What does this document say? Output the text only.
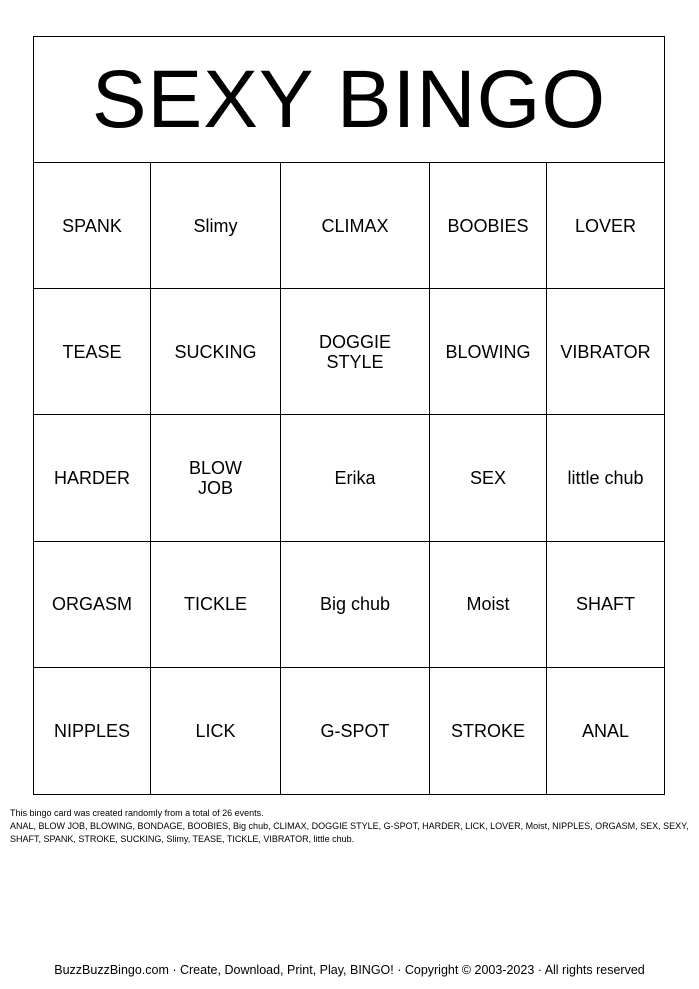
SEXY BINGO
SPANK	Slimy	CLIMAX	BOOBIES	LOVER
TEASE	SUCKING	DOGGIE STYLE	BLOWING	VIBRATOR
HARDER	BLOW JOB	Erika	SEX	little chub
ORGASM	TICKLE	Big chub	Moist	SHAFT
NIPPLES	LICK	G-SPOT	STROKE	ANAL
This bingo card was created randomly from a total of 26 events.
ANAL, BLOW JOB, BLOWING, BONDAGE, BOOBIES, Big chub, CLIMAX, DOGGIE STYLE, G-SPOT, HARDER, LICK, LOVER, Moist, NIPPLES, ORGASM, SEX, SEXY, SHAFT, SPANK, STROKE, SUCKING, Slimy, TEASE, TICKLE, VIBRATOR, little chub.
BuzzBuzzBingo.com · Create, Download, Print, Play, BINGO! · Copyright © 2003-2023 · All rights reserved
